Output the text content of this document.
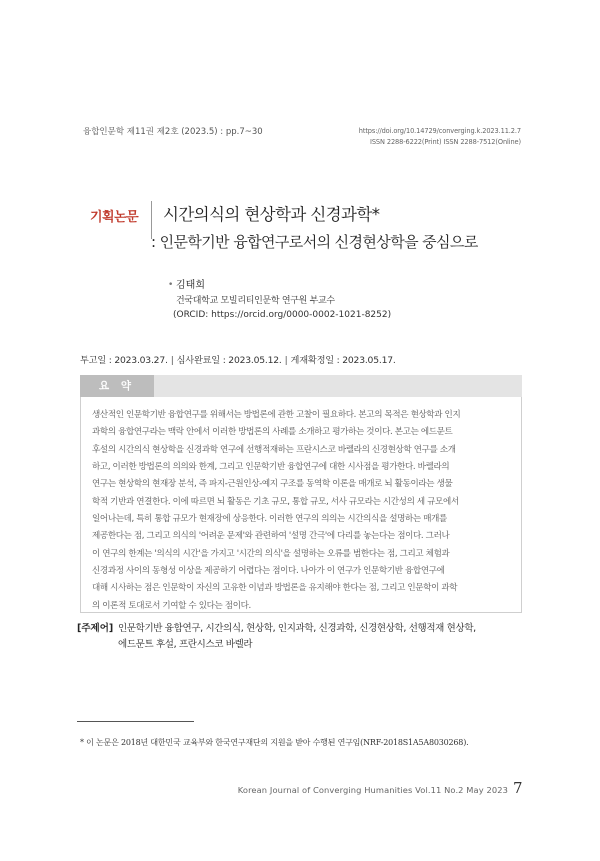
융합인문학 제11권 제2호 (2023.5) : pp.7~30	https://doi.org/10.14729/converging.k.2023.11.2.7
ISSN 2288-6222(Print) ISSN 2288-7512(Online)
기획논문 시간의식의 현상학과 신경과학*
: 인문학기반 융합연구로서의 신경현상학을 중심으로
• 김태희
건국대학교 모빌리티인문학 연구원 부교수
(ORCID: https://orcid.org/0000-0002-1021-8252)
투고일 : 2023.03.27. | 심사완료일 : 2023.05.12. | 게재확정일 : 2023.05.17.
요 약
생산적인 인문학기반 융합연구를 위해서는 방법론에 관한 고찰이 필요하다. 본고의 목적은 현상학과 인지
과학의 융합연구라는 맥락 안에서 이러한 방법론의 사례를 소개하고 평가하는 것이다. 본고는 에드문트
후설의 시간의식 현상학을 신경과학 연구에 선행적재하는 프란시스코 바렐라의 신경현상학 연구를 소개
하고, 이러한 방법론의 의의와 한계, 그리고 인문학기반 융합연구에 대한 시사점을 평가한다. 바렐라의
연구는 현상학의 현재장 분석, 즉 파지-근원인상-예지 구조를 동역학 이론을 매개로 뇌 활동이라는 생물
학적 기반과 연결한다. 이에 따르면 뇌 활동은 기초 규모, 통합 규모, 서사 규모라는 시간성의 세 규모에서
일어나는데, 특히 통합 규모가 현재장에 상응한다. 이러한 연구의 의의는 시간의식을 설명하는 매개를
제공한다는 점, 그리고 의식의 '어려운 문제'와 관련하여 '설명 간극'에 다리를 놓는다는 점이다. 그러나
이 연구의 한계는 '의식의 시간'을 가지고 '시간의 의식'을 설명하는 오류를 범한다는 점, 그리고 체험과
신경과정 사이의 동형성 이상을 제공하기 어렵다는 점이다. 나아가 이 연구가 인문학기반 융합연구에
대해 시사하는 점은 인문학이 자신의 고유한 이념과 방법론을 유지해야 한다는 점, 그리고 인문학이 과학
의 이론적 토대로서 기여할 수 있다는 점이다.
[주제어] 인문학기반 융합연구, 시간의식, 현상학, 인지과학, 신경과학, 신경현상학, 선행적재 현상학,
에드문트 후설, 프란시스코 바렐라
* 이 논문은 2018년 대한민국 교육부와 한국연구재단의 지원을 받아 수행된 연구임(NRF-2018S1A5A8030268).
Korean Journal of Converging Humanities Vol.11 No.2 May 2023 7
